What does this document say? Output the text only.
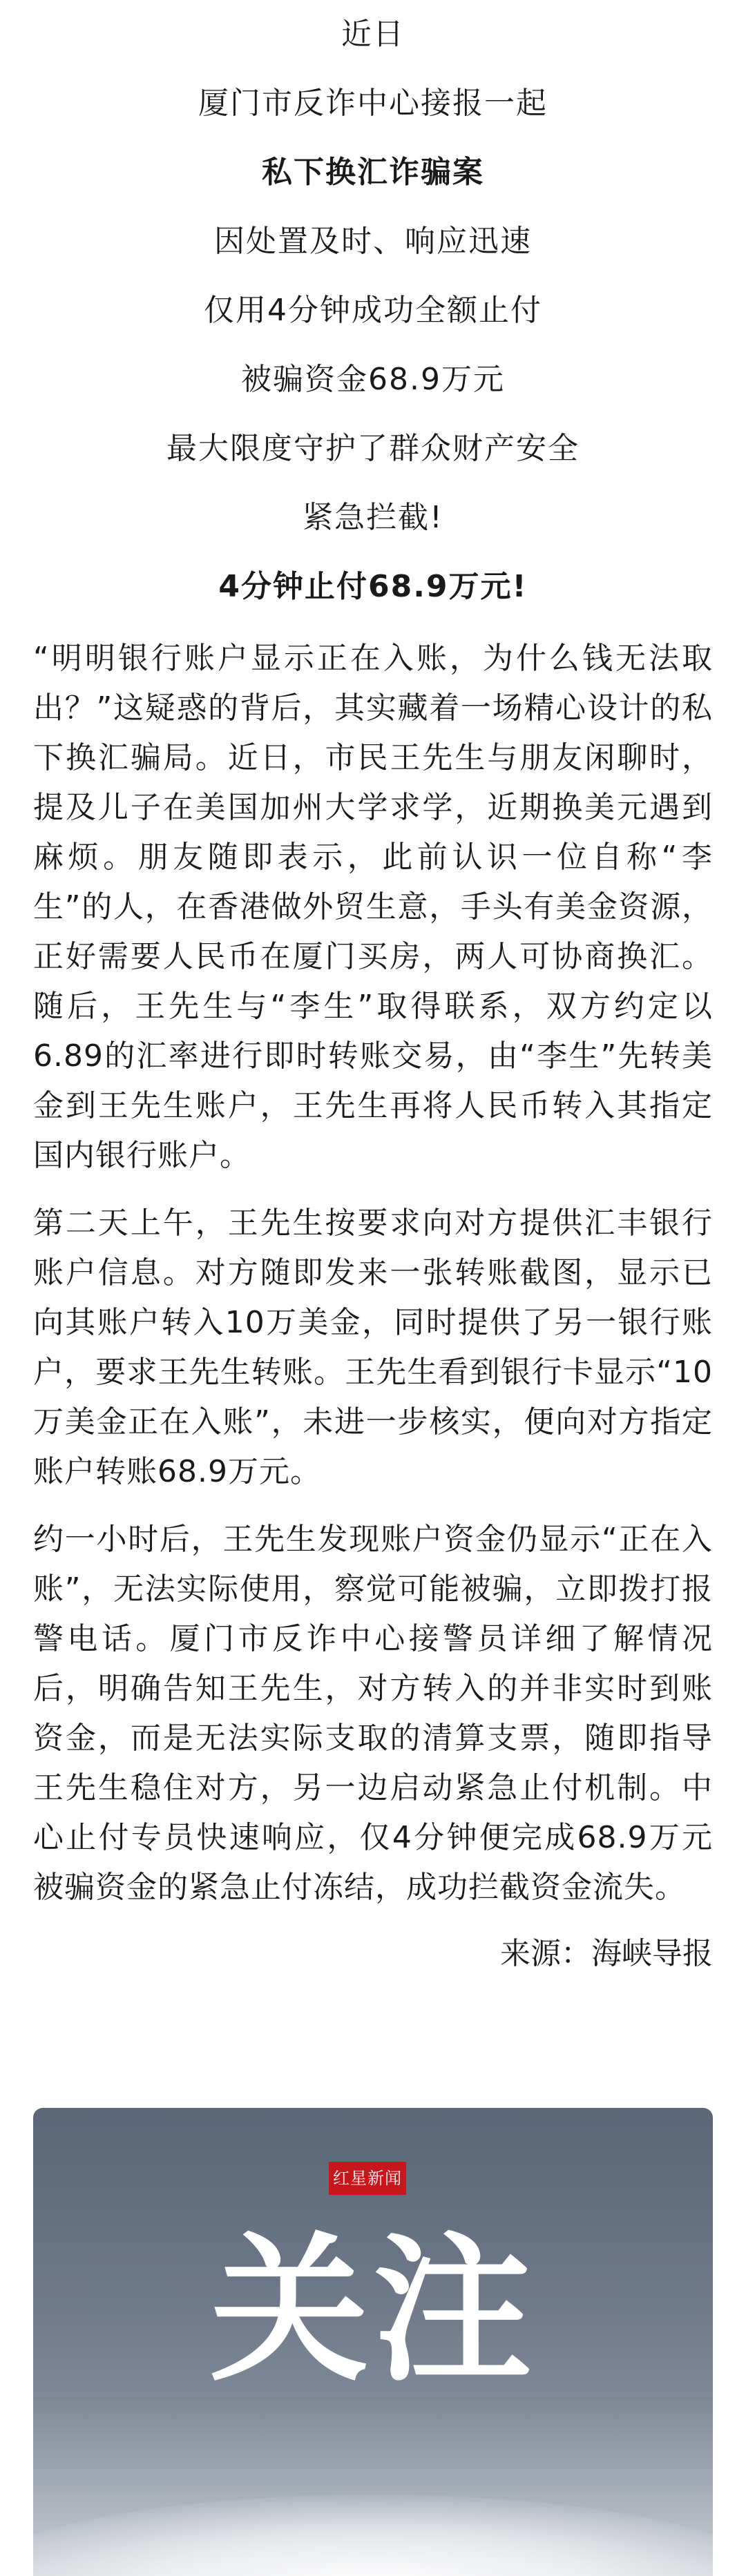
近日

厦门市反诈中心接报一起

私下换汇诈骗案

因处置及时、响应迅速

仅用4分钟成功全额止付

被骗资金68.9万元

最大限度守护了群众财产安全

紧急拦截!

4分钟止付68.9万元!

“明明银行账户显示正在入账，为什么钱无法取出？”这疑惑的背后，其实藏着一场精心设计的私下换汇骗局。近日，市民王先生与朋友闲聊时，提及儿子在美国加州大学求学，近期换美元遇到麻烦。朋友随即表示，此前认识一位自称“李生”的人，在香港做外贸生意，手头有美金资源，正好需要人民币在厦门买房，两人可协商换汇。随后，王先生与“李生”取得联系，双方约定以6.89的汇率进行即时转账交易，由“李生”先转美金到王先生账户，王先生再将人民币转入其指定国内银行账户。

第二天上午，王先生按要求向对方提供汇丰银行账户信息。对方随即发来一张转账截图，显示已向其账户转入10万美金，同时提供了另一银行账户，要求王先生转账。王先生看到银行卡显示“10万美金正在入账”，未进一步核实，便向对方指定账户转账68.9万元。

约一小时后，王先生发现账户资金仍显示“正在入账”，无法实际使用，察觉可能被骗，立即拨打报警电话。厦门市反诈中心接警员详细了解情况后，明确告知王先生，对方转入的并非实时到账资金，而是无法实际支取的清算支票，随即指导王先生稳住对方，另一边启动紧急止付机制。中心止付专员快速响应，仅4分钟便完成68.9万元被骗资金的紧急止付冻结，成功拦截资金流失。

来源：海峡导报

红星新闻
关注
